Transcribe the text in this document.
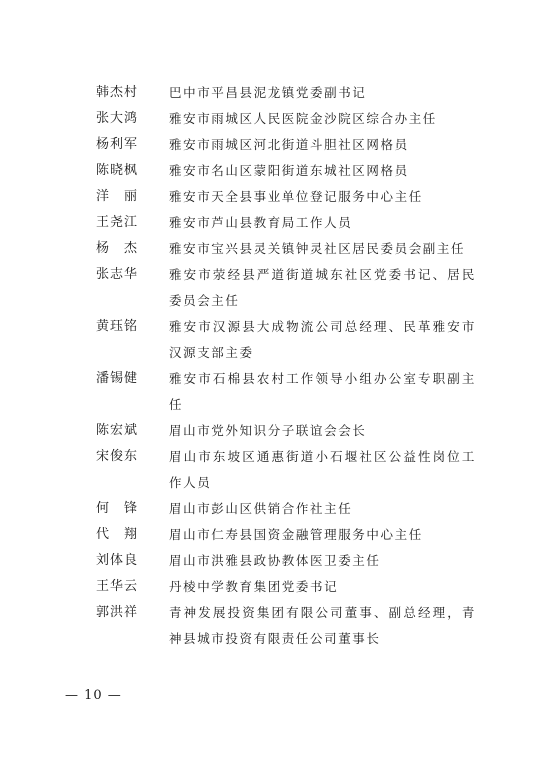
韩杰村	巴中市平昌县泥龙镇党委副书记
张大鸿	雅安市雨城区人民医院金沙院区综合办主任
杨利军	雅安市雨城区河北街道斗胆社区网格员
陈晓枫	雅安市名山区蒙阳街道东城社区网格员
洋　丽	雅安市天全县事业单位登记服务中心主任
王尧江	雅安市芦山县教育局工作人员
杨　杰	雅安市宝兴县灵关镇钟灵社区居民委员会副主任
张志华	雅安市荥经县严道街道城东社区党委书记、居民委员会主任
黄珏铭	雅安市汉源县大成物流公司总经理、民革雅安市汉源支部主委
潘锡健	雅安市石棉县农村工作领导小组办公室专职副主任
陈宏斌	眉山市党外知识分子联谊会会长
宋俊东	眉山市东坡区通惠街道小石堰社区公益性岗位工作人员
何　锋	眉山市彭山区供销合作社主任
代　翔	眉山市仁寿县国资金融管理服务中心主任
刘体良	眉山市洪雅县政协教体医卫委主任
王华云	丹棱中学教育集团党委书记
郭洪祥	青神发展投资集团有限公司董事、副总经理，青神县城市投资有限责任公司董事长
— 10 —
